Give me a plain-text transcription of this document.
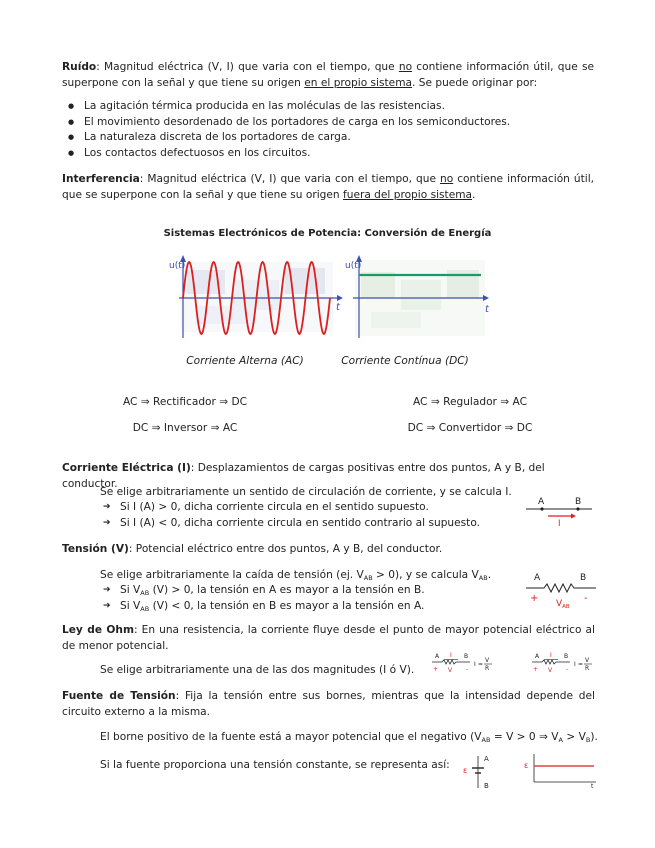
Ruído: Magnitud eléctrica (V, I) que varia con el tiempo, que no contiene información útil, que se superpone con la señal y que tiene su origen en el propio sistema. Se puede originar por:
● La agitación térmica producida en las moléculas de las resistencias.
● El movimiento desordenado de los portadores de carga en los semiconductores.
● La naturaleza discreta de los portadores de carga.
● Los contactos defectuosos en los circuitos.
Interferencia: Magnitud eléctrica (V, I) que varia con el tiempo, que no contiene información útil, que se superpone con la señal y que tiene su origen fuera del propio sistema.
Sistemas Electrónicos de Potencia: Conversión de Energía
u(t)
t
u(t)
t
Corriente Alterna (AC)	Corriente Contínua (DC)
AC ⇒ Rectificador ⇒ DC	AC ⇒ Regulador ⇒ AC
DC ⇒ Inversor ⇒ AC	DC ⇒ Convertidor ⇒ DC
Corriente Eléctrica (I): Desplazamientos de cargas positivas entre dos puntos, A y B, del conductor.
Se elige arbitrariamente un sentido de circulación de corriente, y se calcula I.
➔ Si I (A) > 0, dicha corriente circula en el sentido supuesto.
➔ Si I (A) < 0, dicha corriente circula en sentido contrario al supuesto.
A	B
I
Tensión (V): Potencial eléctrico entre dos puntos, A y B, del conductor.
Se elige arbitrariamente la caída de tensión (ej. $V_{AB} > 0$), y se calcula $V_{AB}$.
➔ Si $V_{AB}$ (V) > 0, la tensión en A es mayor a la tensión en B.
➔ Si $V_{AB}$ (V) < 0, la tensión en B es mayor a la tensión en A.
A	B
+	-
$V_{AB}$
Ley de Ohm: En una resistencia, la corriente fluye desde el punto de mayor potencial eléctrico al de menor potencial.
Se elige arbitrariamente una de las dos magnitudes (I ó V).
A I B
+ V -
I =
V
R
A I B
+ V -
I =
V
R
Fuente de Tensión: Fija la tensión entre sus bornes, mientras que la intensidad depende del circuito externo a la misma.
El borne positivo de la fuente está a mayor potencial que el negativo ($V_{AB} = V > 0$ ⇒ $V_A > V_B$).
Si la fuente proporciona una tensión constante, se representa así:	ε
A
B
ε
t
